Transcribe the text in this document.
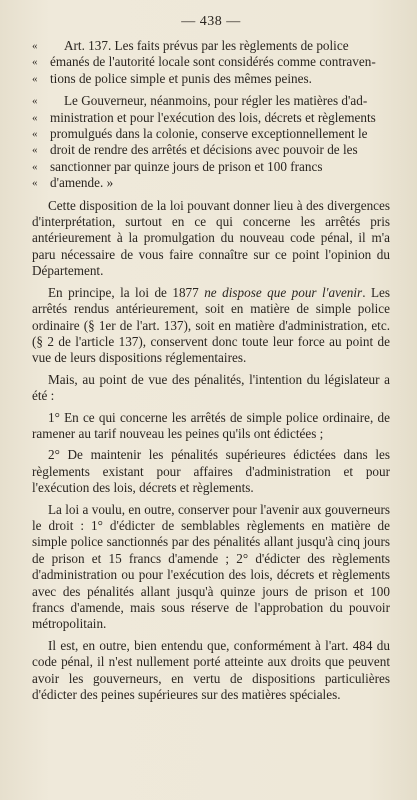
— 438 —
« Art. 137. Les faits prévus par les règlements de police
« émanés de l'autorité locale sont considérés comme contraven-
« tions de police simple et punis des mêmes peines.
« Le Gouverneur, néanmoins, pour régler les matières d'ad-
« ministration et pour l'exécution des lois, décrets et règlements
« promulgués dans la colonie, conserve exceptionnellement le
« droit de rendre des arrêtés et décisions avec pouvoir de les
« sanctionner par quinze jours de prison et 100 francs
« d'amende. »

Cette disposition de la loi pouvant donner lieu à des divergences d'interprétation, surtout en ce qui concerne les arrêtés pris antérieurement à la promulgation du nouveau code pénal, il m'a paru nécessaire de vous faire connaître sur ce point l'opinion du Département.

En principe, la loi de 1877 ne dispose que pour l'avenir. Les arrêtés rendus antérieurement, soit en matière de simple police ordinaire (§ 1er de l'art. 137), soit en matière d'administration, etc. (§ 2 de l'article 137), conservent donc toute leur force au point de vue de leurs dispositions réglementaires.

Mais, au point de vue des pénalités, l'intention du législateur a été :

1° En ce qui concerne les arrêtés de simple police ordinaire, de ramener au tarif nouveau les peines qu'ils ont édictées ;

2° De maintenir les pénalités supérieures édictées dans les règlements existant pour affaires d'administration et pour l'exécution des lois, décrets et règlements.

La loi a voulu, en outre, conserver pour l'avenir aux gouverneurs le droit : 1° d'édicter de semblables règlements en matière de simple police sanctionnés par des pénalités allant jusqu'à cinq jours de prison et 15 francs d'amende ; 2° d'édicter des règlements d'administration ou pour l'exécution des lois, décrets et règlements avec des pénalités allant jusqu'à quinze jours de prison et 100 francs d'amende, mais sous réserve de l'approbation du pouvoir métropolitain.

Il est, en outre, bien entendu que, conformément à l'art. 484 du code pénal, il n'est nullement porté atteinte aux droits que peuvent avoir les gouverneurs, en vertu de dispositions particulières d'édicter des peines supérieures sur des matières spéciales.
